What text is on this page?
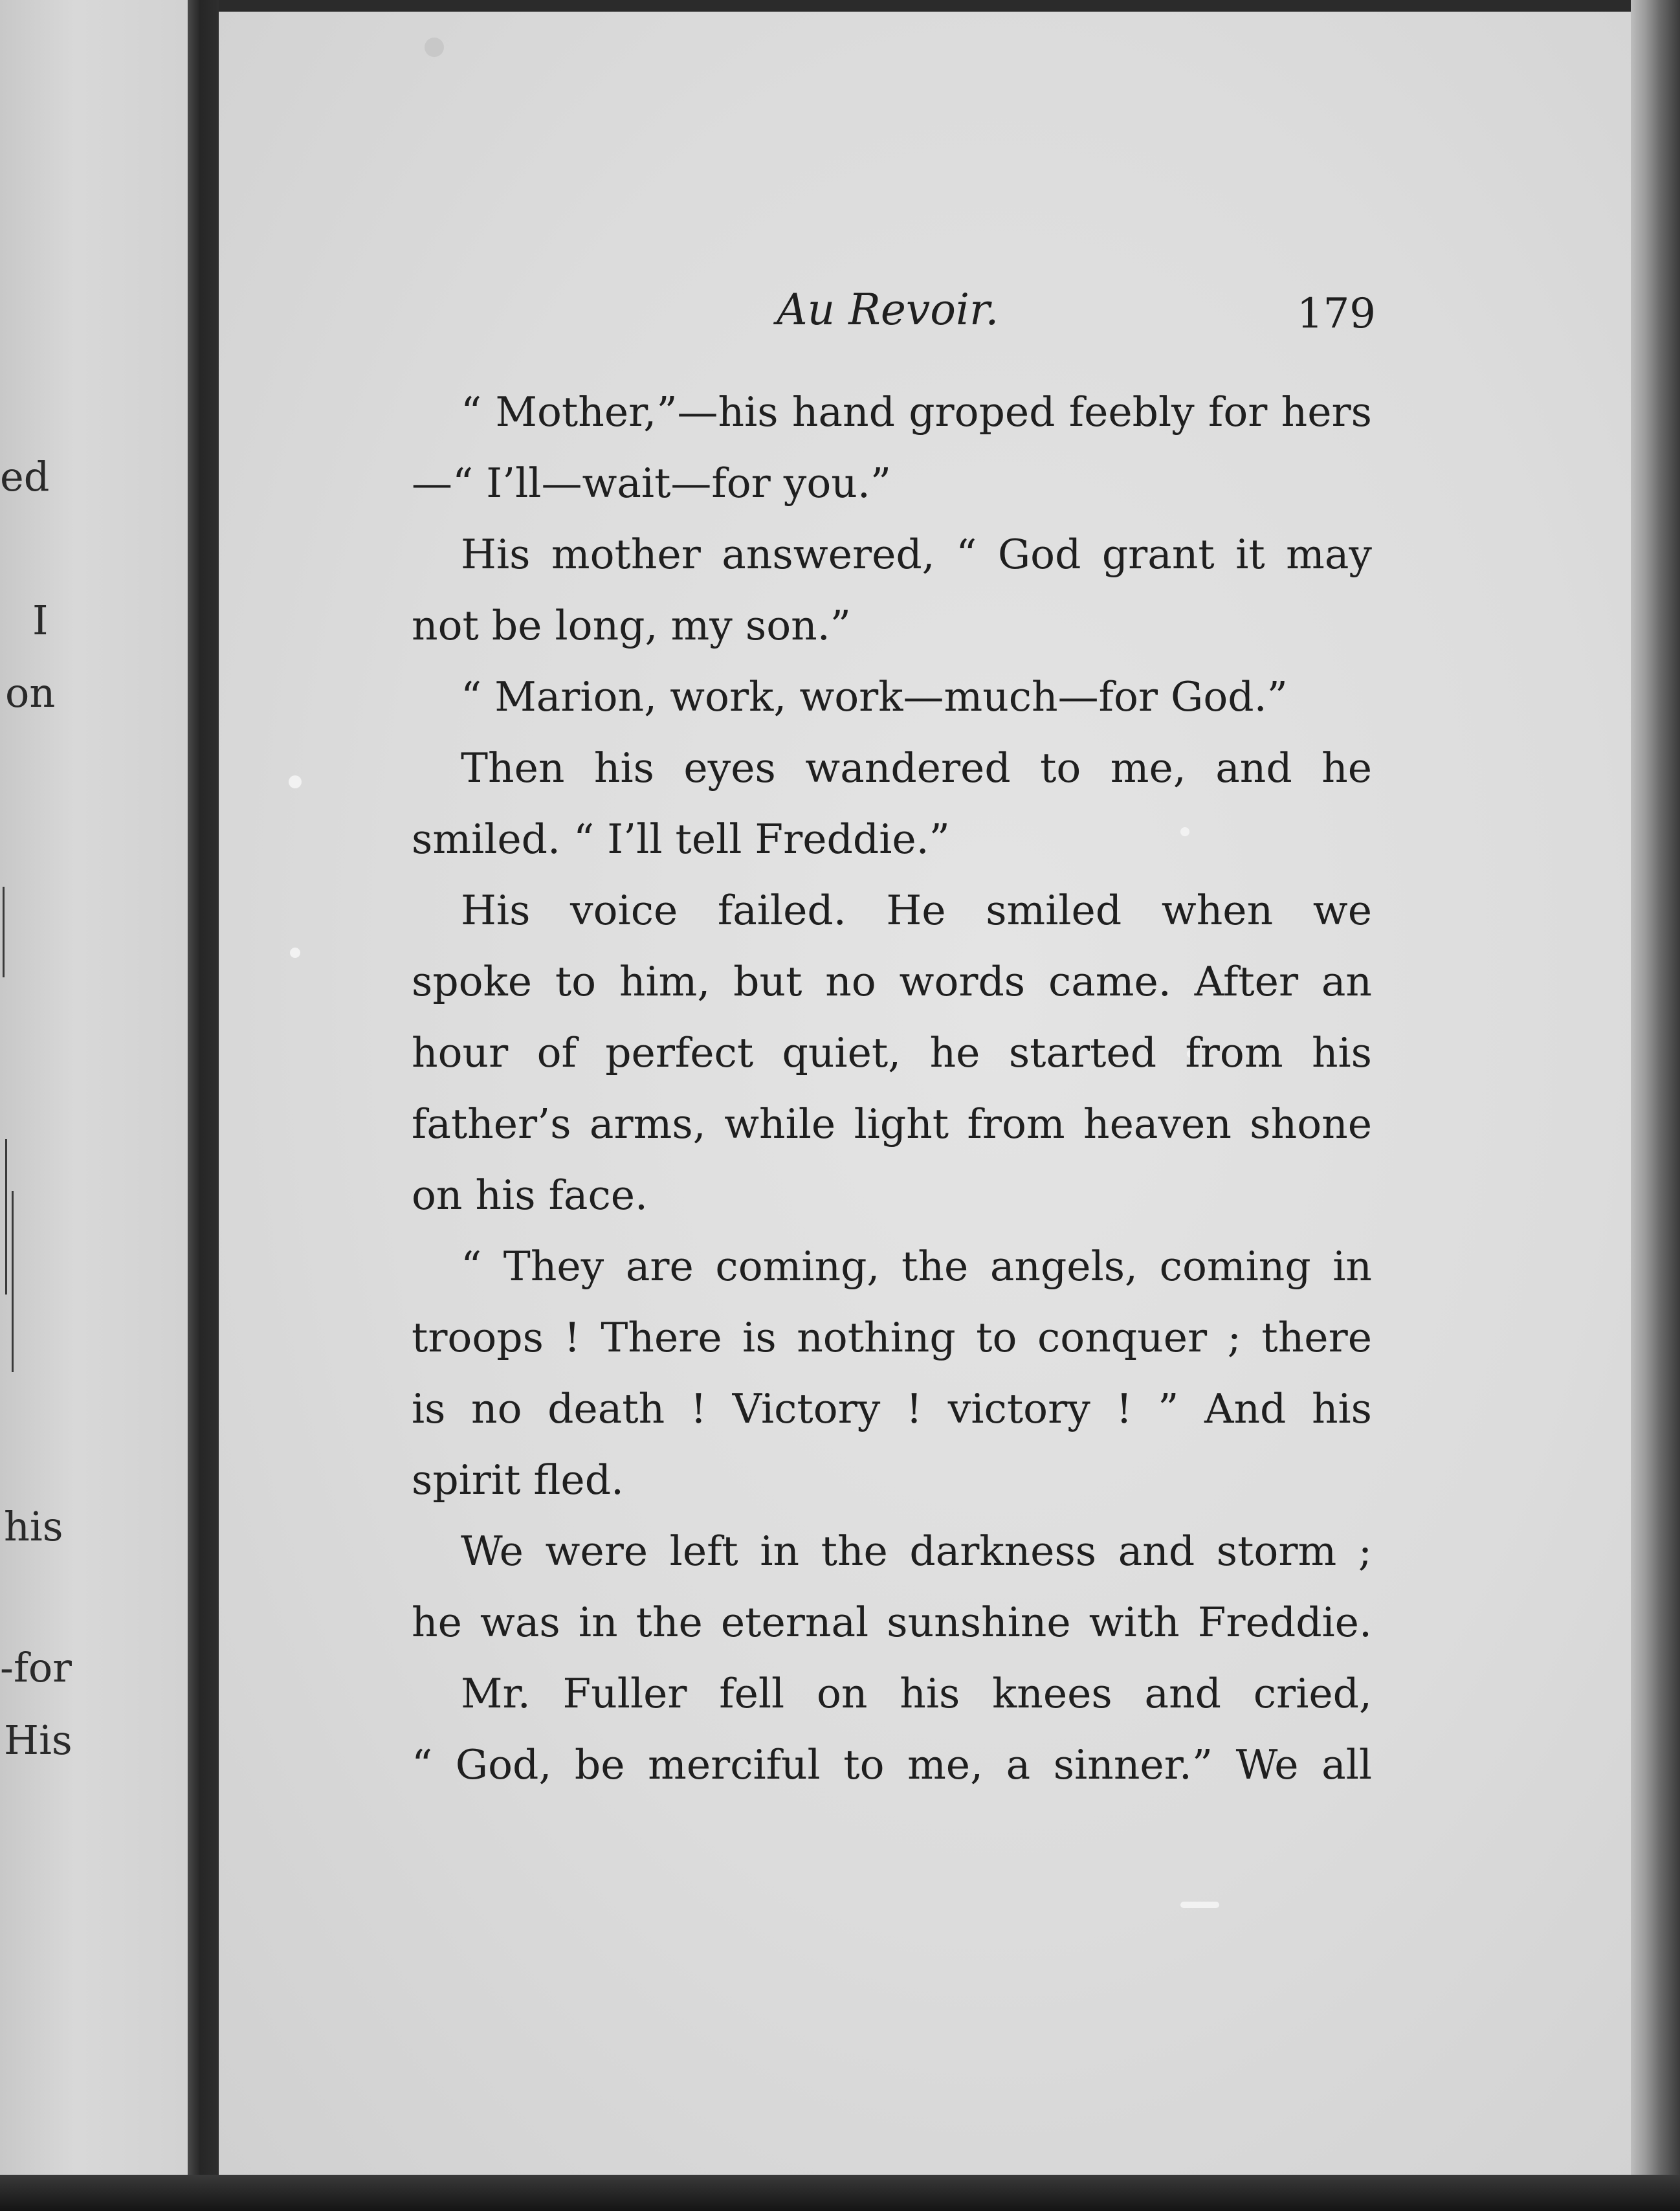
ed
I
on
his
-for
His
Au Revoir.	179
“ Mother,”—his hand groped feebly for hers
—“ I’ll—wait—for you.”
His mother answered, “ God grant it may
not be long, my son.”
“ Marion, work, work—much—for God.”
Then his eyes wandered to me, and he
smiled. “ I’ll tell Freddie.”
His voice failed. He smiled when we
spoke to him, but no words came. After an
hour of perfect quiet, he started from his
father’s arms, while light from heaven shone
on his face.
“ They are coming, the angels, coming in
troops ! There is nothing to conquer ; there
is no death ! Victory ! victory ! ” And his
spirit fled.
We were left in the darkness and storm ;
he was in the eternal sunshine with Freddie.
Mr. Fuller fell on his knees and cried,
“ God, be merciful to me, a sinner.” We all
